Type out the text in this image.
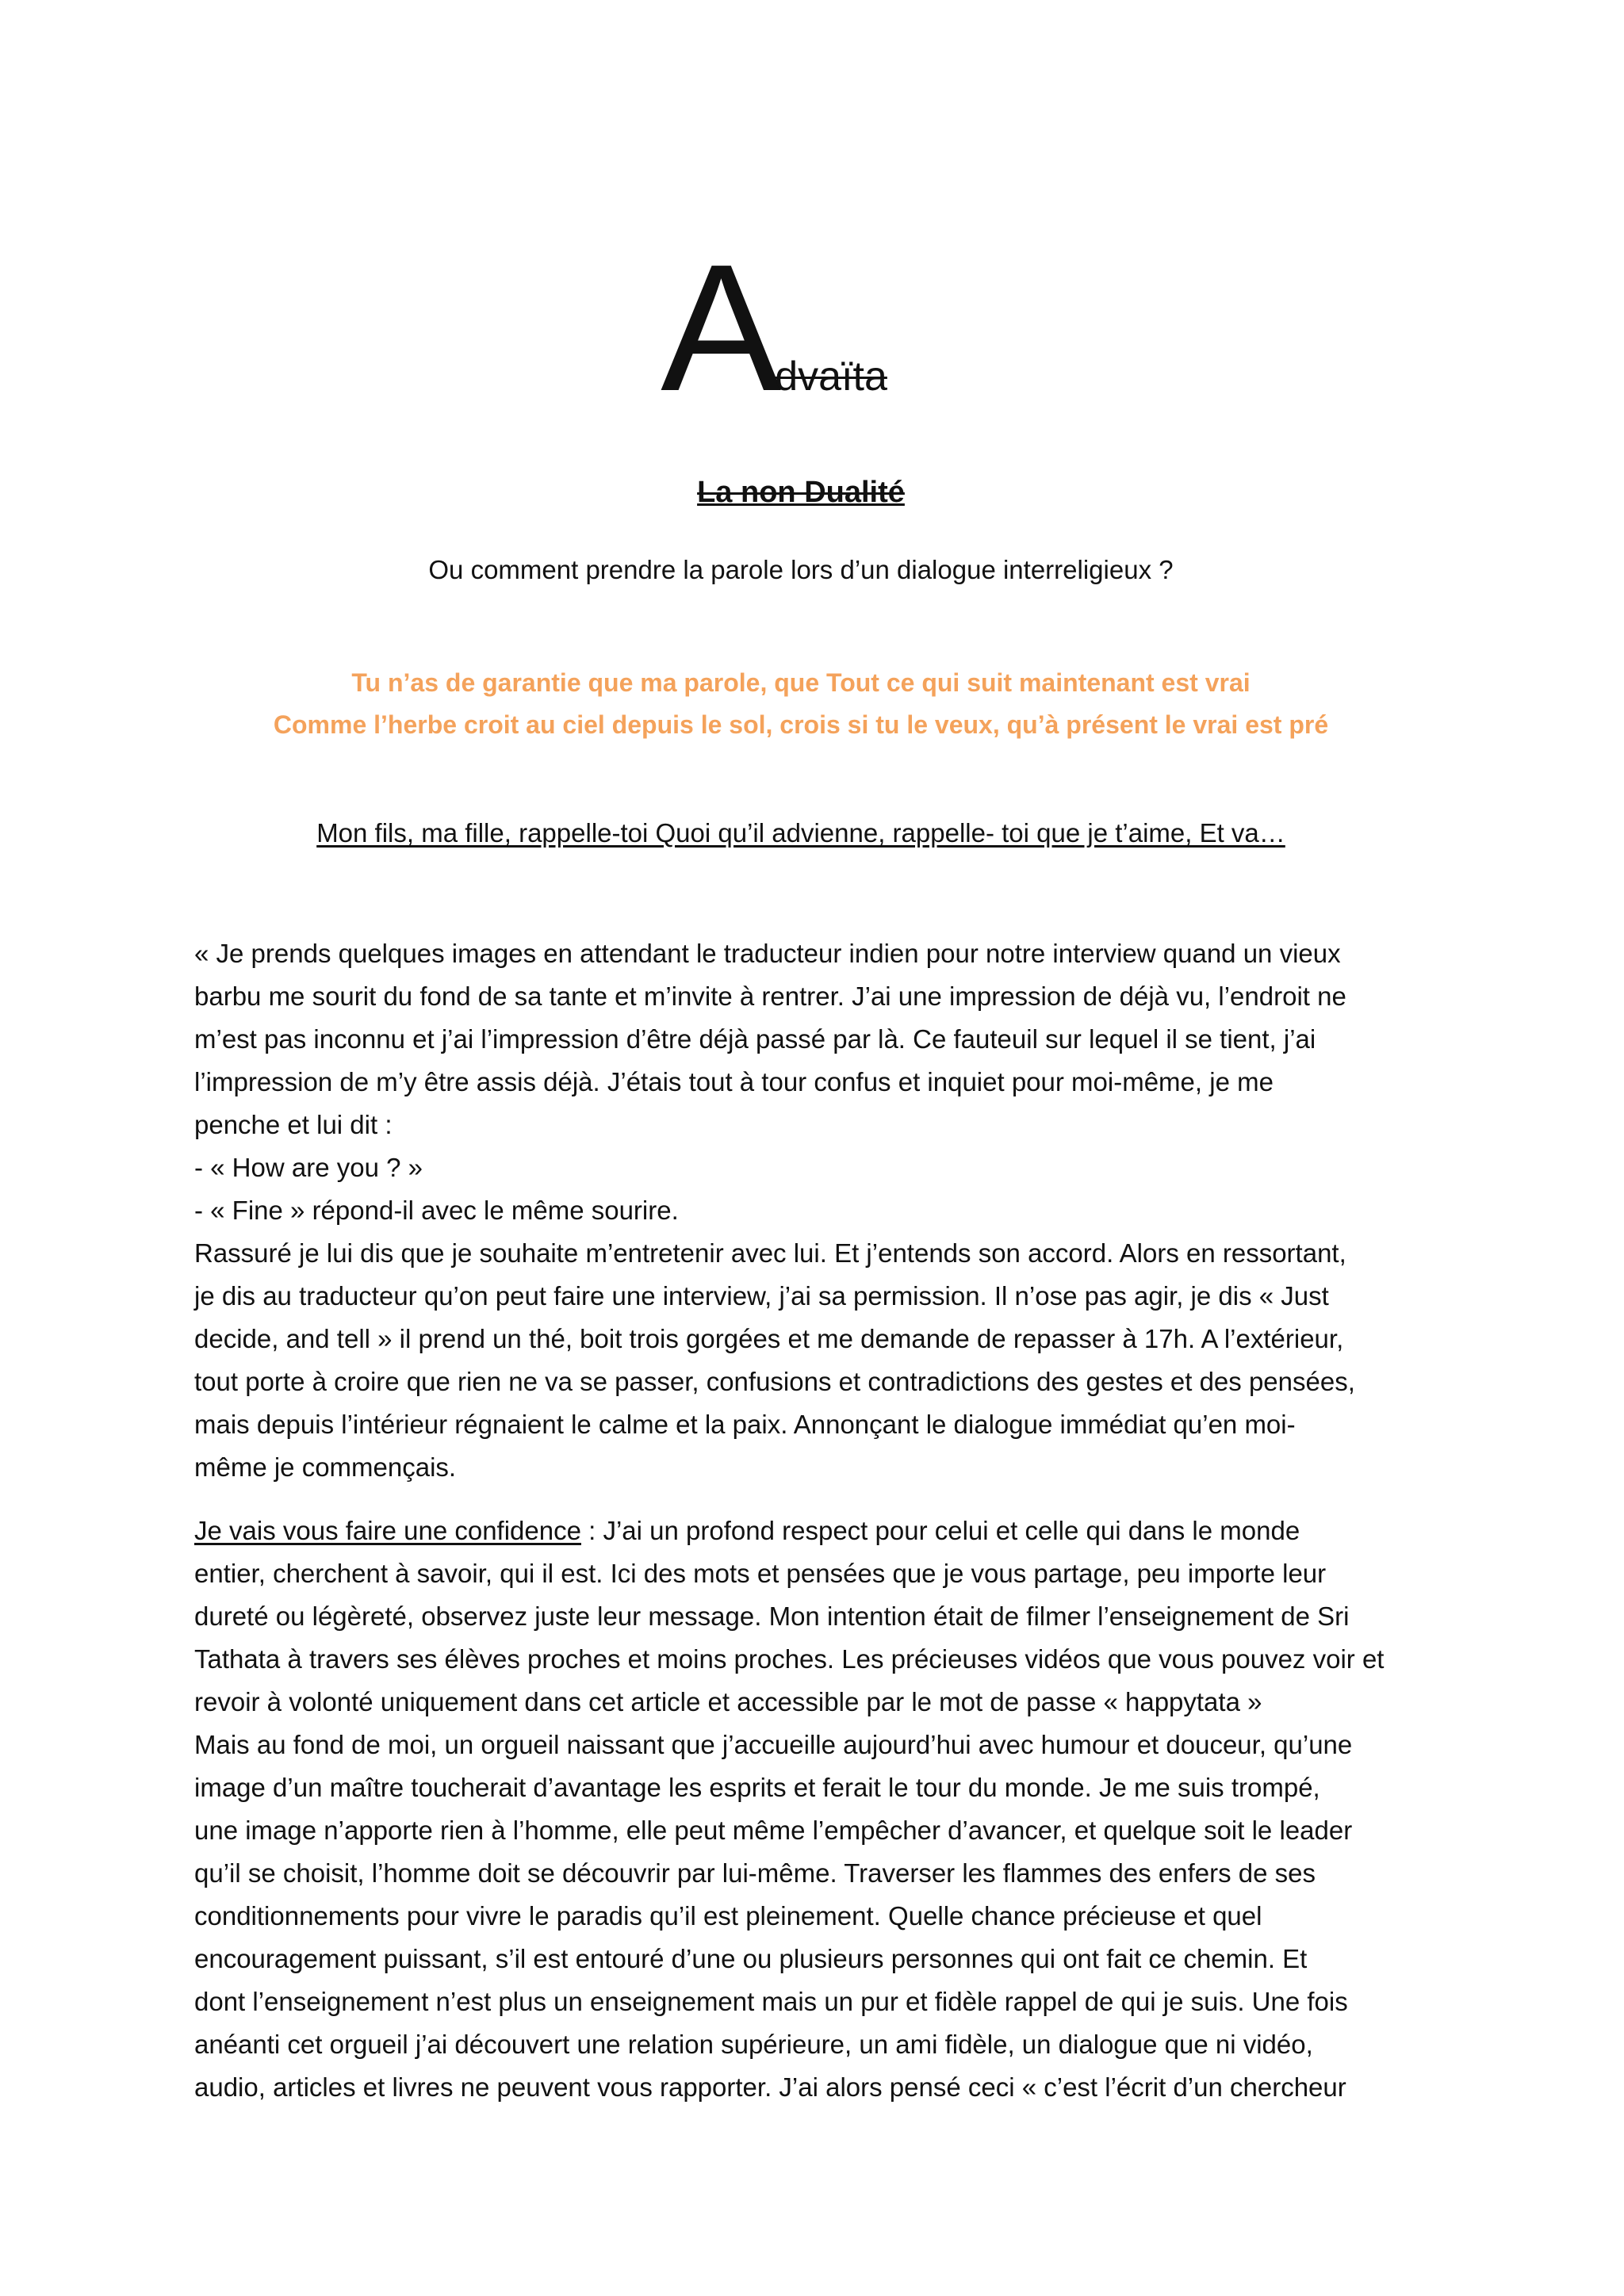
Advaïta
La non Dualité
Ou comment prendre la parole lors d’un dialogue interreligieux ?
Tu n’as de garantie que ma parole, que Tout ce qui suit maintenant est vrai
Comme l’herbe croit au ciel depuis le sol, crois si tu le veux, qu’à présent le vrai est pré
Mon fils, ma fille, rappelle-toi Quoi qu’il advienne, rappelle- toi que je t’aime, Et va…
« Je prends quelques images en attendant le traducteur indien pour notre interview quand un vieux
barbu me sourit du fond de sa tante et m’invite à rentrer. J’ai une impression de déjà vu, l’endroit ne
m’est pas inconnu et j’ai l’impression d’être déjà passé par là. Ce fauteuil sur lequel il se tient, j’ai
l’impression de m’y être assis déjà. J’étais tout à tour confus et inquiet pour moi-même, je me
penche et lui dit :
- « How are you ? »
- « Fine » répond-il avec le même sourire.
Rassuré je lui dis que je souhaite m’entretenir avec lui. Et j’entends son accord. Alors en ressortant,
je dis au traducteur qu’on peut faire une interview, j’ai sa permission. Il n’ose pas agir, je dis « Just
decide, and tell » il prend un thé, boit trois gorgées et me demande de repasser à 17h. A l’extérieur,
tout porte à croire que rien ne va se passer, confusions et contradictions des gestes et des pensées,
mais depuis l’intérieur régnaient le calme et la paix. Annonçant le dialogue immédiat qu’en moi-
même je commençais.
Je vais vous faire une confidence : J’ai un profond respect pour celui et celle qui dans le monde
entier, cherchent à savoir, qui il est. Ici des mots et pensées que je vous partage, peu importe leur
dureté ou légèreté, observez juste leur message. Mon intention était de filmer l’enseignement de Sri
Tathata à travers ses élèves proches et moins proches. Les précieuses vidéos que vous pouvez voir et
revoir à volonté uniquement dans cet article et accessible par le mot de passe « happytata »
Mais au fond de moi, un orgueil naissant que j’accueille aujourd’hui avec humour et douceur, qu’une
image d’un maître toucherait d’avantage les esprits et ferait le tour du monde. Je me suis trompé,
une image n’apporte rien à l’homme, elle peut même l’empêcher d’avancer, et quelque soit le leader
qu’il se choisit, l’homme doit se découvrir par lui-même. Traverser les flammes des enfers de ses
conditionnements pour vivre le paradis qu’il est pleinement. Quelle chance précieuse et quel
encouragement puissant, s’il est entouré d’une ou plusieurs personnes qui ont fait ce chemin. Et
dont l’enseignement n’est plus un enseignement mais un pur et fidèle rappel de qui je suis. Une fois
anéanti cet orgueil j’ai découvert une relation supérieure, un ami fidèle, un dialogue que ni vidéo,
audio, articles et livres ne peuvent vous rapporter. J’ai alors pensé ceci « c’est l’écrit d’un chercheur
